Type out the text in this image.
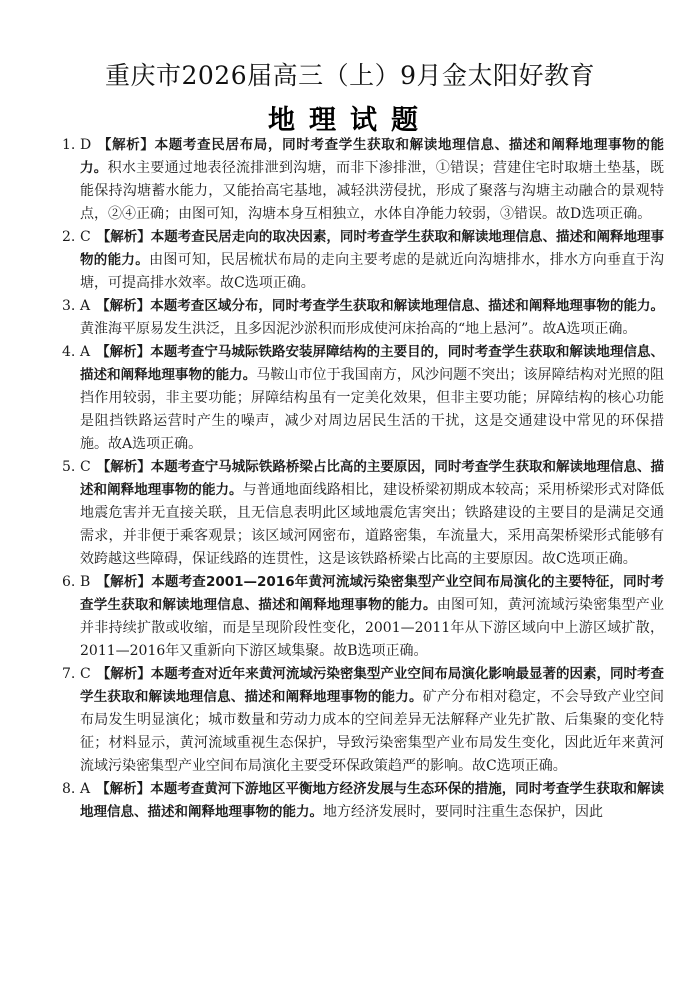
重庆市2026届高三（上）9月金太阳好教育
地理试题
1. D 【解析】本题考查民居布局，同时考查学生获取和解读地理信息、描述和阐释地理事物的能力。积水主要通过地表径流排泄到沟塘，而非下渗排泄，①错误；营建住宅时取塘土垫基，既能保持沟塘蓄水能力，又能抬高宅基地，减轻洪涝侵扰，形成了聚落与沟塘主动融合的景观特点，②④正确；由图可知，沟塘本身互相独立，水体自净能力较弱，③错误。故D选项正确。
2. C 【解析】本题考查民居走向的取决因素，同时考查学生获取和解读地理信息、描述和阐释地理事物的能力。由图可知，民居梳状布局的走向主要考虑的是就近向沟塘排水，排水方向垂直于沟塘，可提高排水效率。故C选项正确。
3. A 【解析】本题考查区域分布，同时考查学生获取和解读地理信息、描述和阐释地理事物的能力。黄淮海平原易发生洪泛，且多因泥沙淤积而形成使河床抬高的“地上悬河”。故A选项正确。
4. A 【解析】本题考查宁马城际铁路安装屏障结构的主要目的，同时考查学生获取和解读地理信息、描述和阐释地理事物的能力。马鞍山市位于我国南方，风沙问题不突出；该屏障结构对光照的阻挡作用较弱，非主要功能；屏障结构虽有一定美化效果，但非主要功能；屏障结构的核心功能是阻挡铁路运营时产生的噪声，减少对周边居民生活的干扰，这是交通建设中常见的环保措施。故A选项正确。
5. C 【解析】本题考查宁马城际铁路桥梁占比高的主要原因，同时考查学生获取和解读地理信息、描述和阐释地理事物的能力。与普通地面线路相比，建设桥梁初期成本较高；采用桥梁形式对降低地震危害并无直接关联，且无信息表明此区域地震危害突出；铁路建设的主要目的是满足交通需求，并非便于乘客观景；该区域河网密布，道路密集，车流量大，采用高架桥梁形式能够有效跨越这些障碍，保证线路的连贯性，这是该铁路桥梁占比高的主要原因。故C选项正确。
6. B 【解析】本题考查2001—2016年黄河流域污染密集型产业空间布局演化的主要特征，同时考查学生获取和解读地理信息、描述和阐释地理事物的能力。由图可知，黄河流域污染密集型产业并非持续扩散或收缩，而是呈现阶段性变化，2001—2011年从下游区域向中上游区域扩散，2011—2016年又重新向下游区域集聚。故B选项正确。
7. C 【解析】本题考查对近年来黄河流域污染密集型产业空间布局演化影响最显著的因素，同时考查学生获取和解读地理信息、描述和阐释地理事物的能力。矿产分布相对稳定，不会导致产业空间布局发生明显演化；城市数量和劳动力成本的空间差异无法解释产业先扩散、后集聚的变化特征；材料显示，黄河流域重视生态保护，导致污染密集型产业布局发生变化，因此近年来黄河流域污染密集型产业空间布局演化主要受环保政策趋严的影响。故C选项正确。
8. A 【解析】本题考查黄河下游地区平衡地方经济发展与生态环保的措施，同时考查学生获取和解读地理信息、描述和阐释地理事物的能力。地方经济发展时，要同时注重生态保护，因此
